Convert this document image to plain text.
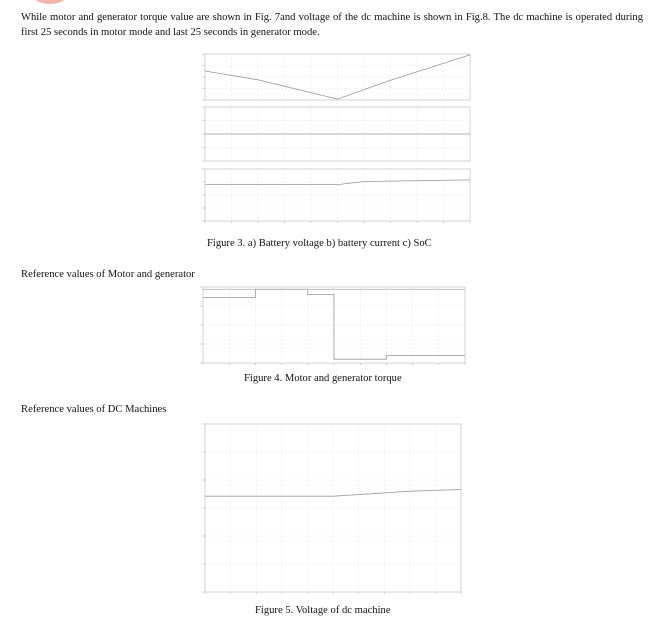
While motor and generator torque value are shown in Fig. 7and voltage of the dc machine is shown in Fig.8. The dc machine is operated during first 25 seconds in motor mode and last 25 seconds in generator mode.
Figure 3. a) Battery voltage b) battery current c) SoC
Reference values of Motor and generator
Figure 4. Motor and generator torque
Reference values of DC Machines
Figure 5. Voltage of dc machine
